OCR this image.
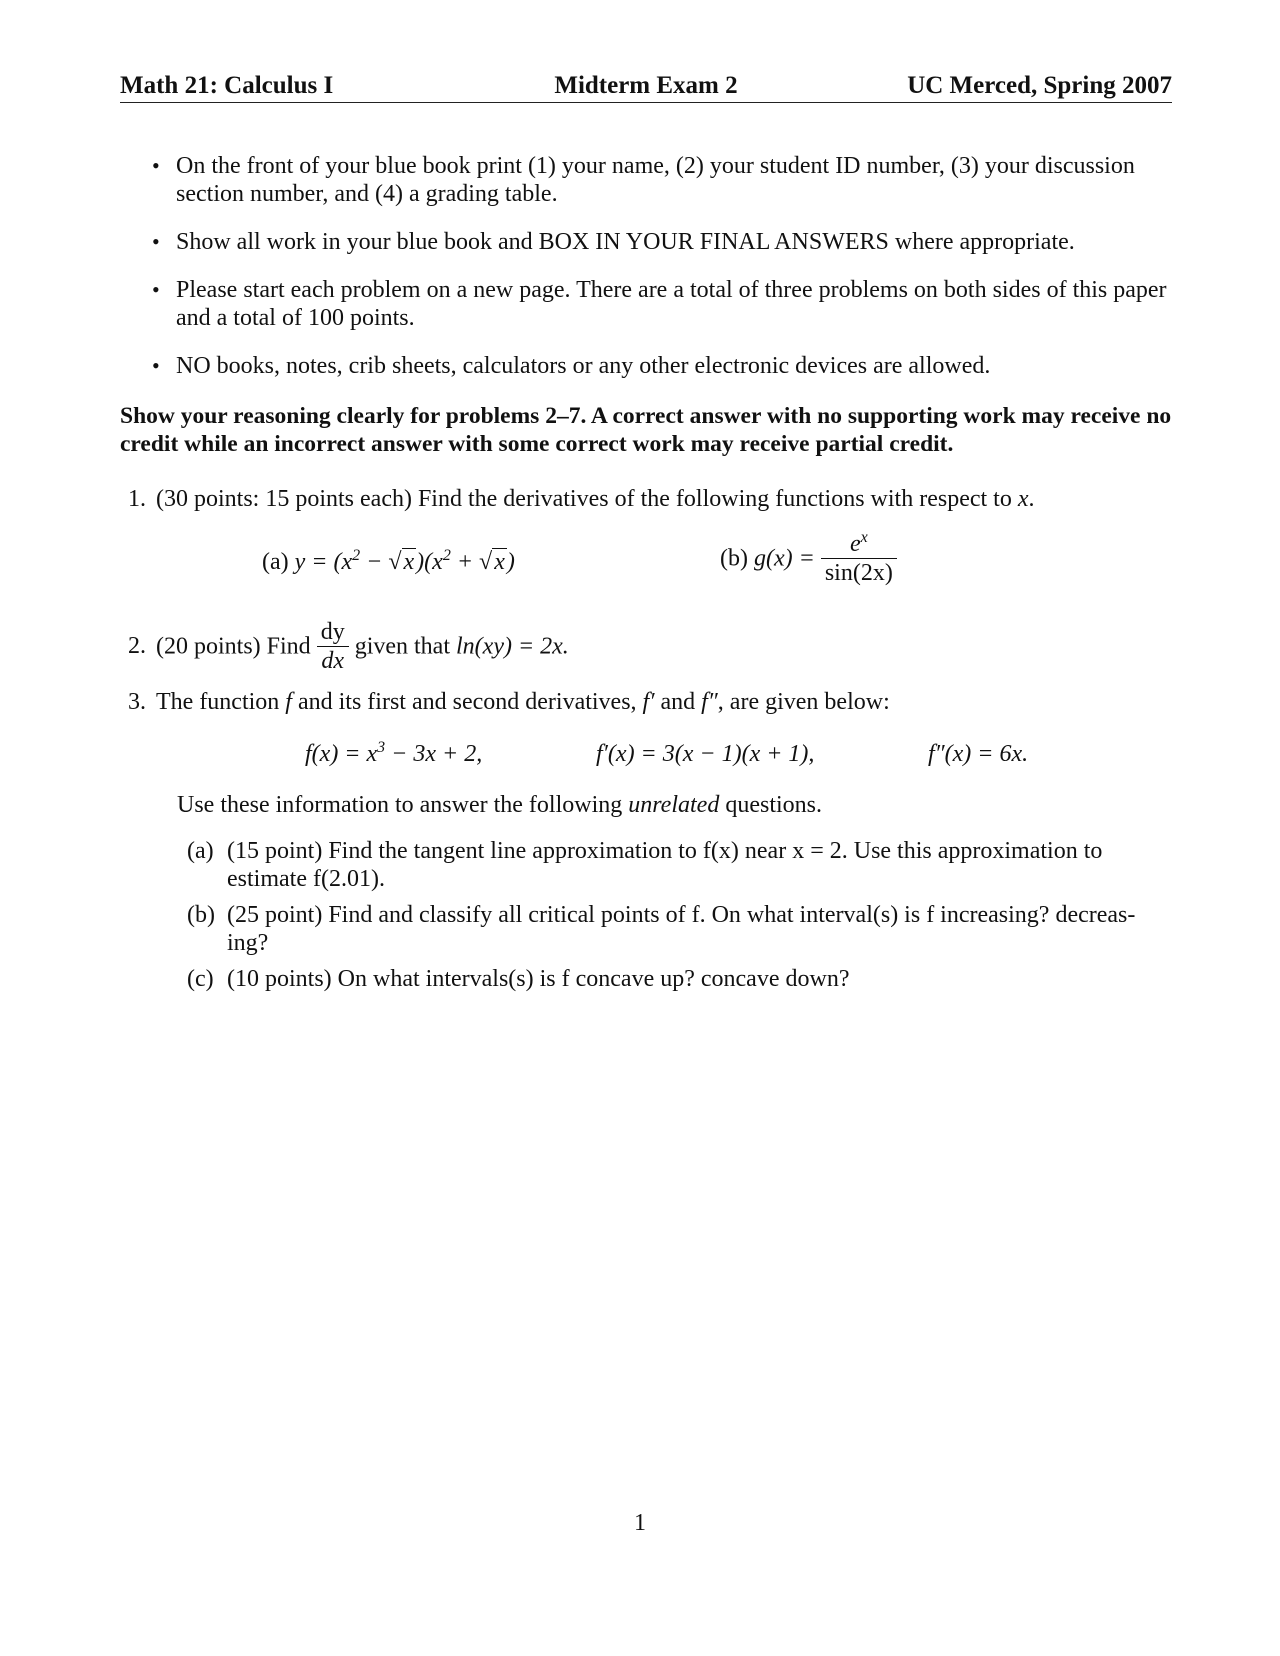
Math 21: Calculus I	Midterm Exam 2	UC Merced, Spring 2007
• On the front of your blue book print (1) your name, (2) your student ID number, (3) your discussion section number, and (4) a grading table.
• Show all work in your blue book and BOX IN YOUR FINAL ANSWERS where appropriate.
• Please start each problem on a new page. There are a total of three problems on both sides of this paper and a total of 100 points.
• NO books, notes, crib sheets, calculators or any other electronic devices are allowed.
Show your reasoning clearly for problems 2–7. A correct answer with no supporting work may receive no credit while an incorrect answer with some correct work may receive partial credit.
1. (30 points: 15 points each) Find the derivatives of the following functions with respect to x.
(a) $y = (x^2 - √x)(x^2 + √x)$	(b) $g(x) = \frac{e^x}{\sin(2x)}$
2. (20 points) Find $\frac{dy}{dx}$ given that ln(xy) = 2x.
3. The function f and its first and second derivatives, f′ and f″, are given below:
$f(x) = x^3 - 3x + 2$,	f′(x) = 3(x − 1)(x + 1),	f″(x) = 6x.
Use these information to answer the following unrelated questions.
(a) (15 point) Find the tangent line approximation to f(x) near x = 2. Use this approximation to
estimate f(2.01).
(b) (25 point) Find and classify all critical points of f. On what interval(s) is f increasing? decreas-
ing?
(c) (10 points) On what intervals(s) is f concave up? concave down?
1
